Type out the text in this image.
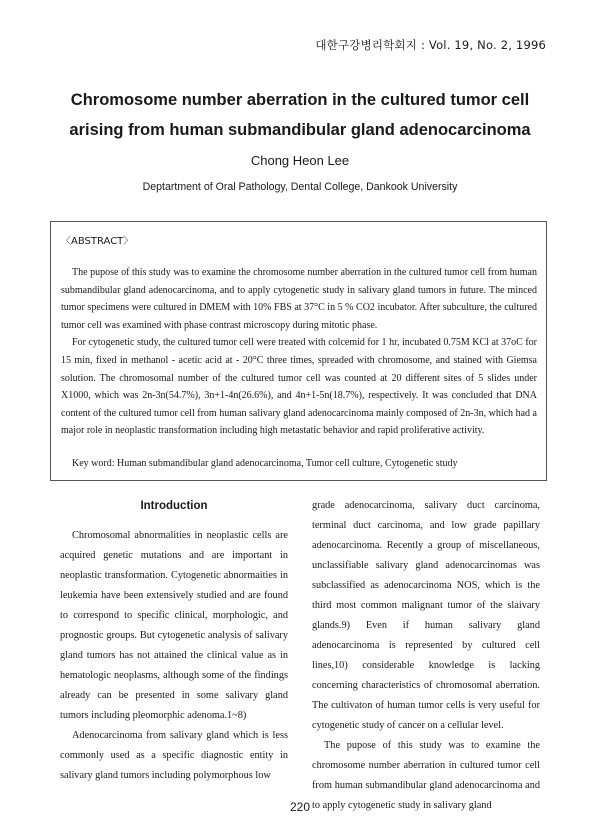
대한구강병리학회지 : Vol. 19, No. 2, 1996
Chromosome number aberration in the cultured tumor cell
arising from human submandibular gland adenocarcinoma
Chong Heon Lee
Deptartment of Oral Pathology, Dental College, Dankook University
〈ABSTRACT〉

The pupose of this study was to examine the chromosome number aberration in the cultured tumor cell from human submandibular gland adenocarcinoma, and to apply cytogenetic study in salivary gland tumors in future. The minced tumor specimens were cultured in DMEM with 10% FBS at 37°C in 5 % CO2 incubator. After subculture, the cultured tumor cell was examined with phase contrast microscopy during mitotic phase.

For cytogenetic study, the cultured tumor cell were treated with colcemid for 1 hr, incubated 0.75M KCl at 37oC for 15 min, fixed in methanol - acetic acid at - 20°C three times, spreaded with chromosome, and stained with Giemsa solution. The chromosomal number of the cultured tumor cell was counted at 20 different sites of 5 slides under X1000, which was 2n-3n(54.7%), 3n+1-4n(26.6%), and 4n+1-5n(18.7%), respectively. It was concluded that DNA content of the cultured tumor cell from human salivary gland adenocarcinoma mainly composed of 2n-3n, which had a major role in neoplastic transformation including high metastatic behavior and rapid proliferative activity.

Key word: Human submandibular gland adenocarcinoma, Tumor cell culture, Cytogenetic study

Introduction

Chromosomal abnormalities in neoplastic cells are acquired genetic mutations and are important in neoplastic transformation. Cytogenetic abnormaities in leukemia have been extensively studied and are found to correspond to specific clinical, morphologic, and prognostic groups. But cytogenetic analysis of salivary gland tumors has not attained the clinical value as in hematologic neoplasms, although some of the findings already can be presented in some salivary gland tumors including pleomorphic adenoma.1~8)

Adenocarcinoma from salivary gland which is less commonly used as a specific diagnostic entity in salivary gland tumors including polymorphous low

grade adenocarcinoma, salivary duct carcinoma, terminal duct carcinoma, and low grade papillary adenocarcinoma. Recently a group of miscellaneous, unclassifiable salivary gland adenocarcinomas was subclassified as adenocarcinoma NOS, which is the third most common malignant tumor of the slaivary glands.9) Even if human salivary gland adenocarcinoma is represented by cultured cell lines,10) considerable knowledge is lacking concerning characteristics of chromosomal aberration. The cultivaton of human tumor cells is very useful for cytogenetic study of cancer on a cellular level.

The pupose of this study was to examine the chromosome number aberration in cultured tumor cell from human submandibular gland adenocarcinoma and to apply cytogenetic study in salivary gland

220
